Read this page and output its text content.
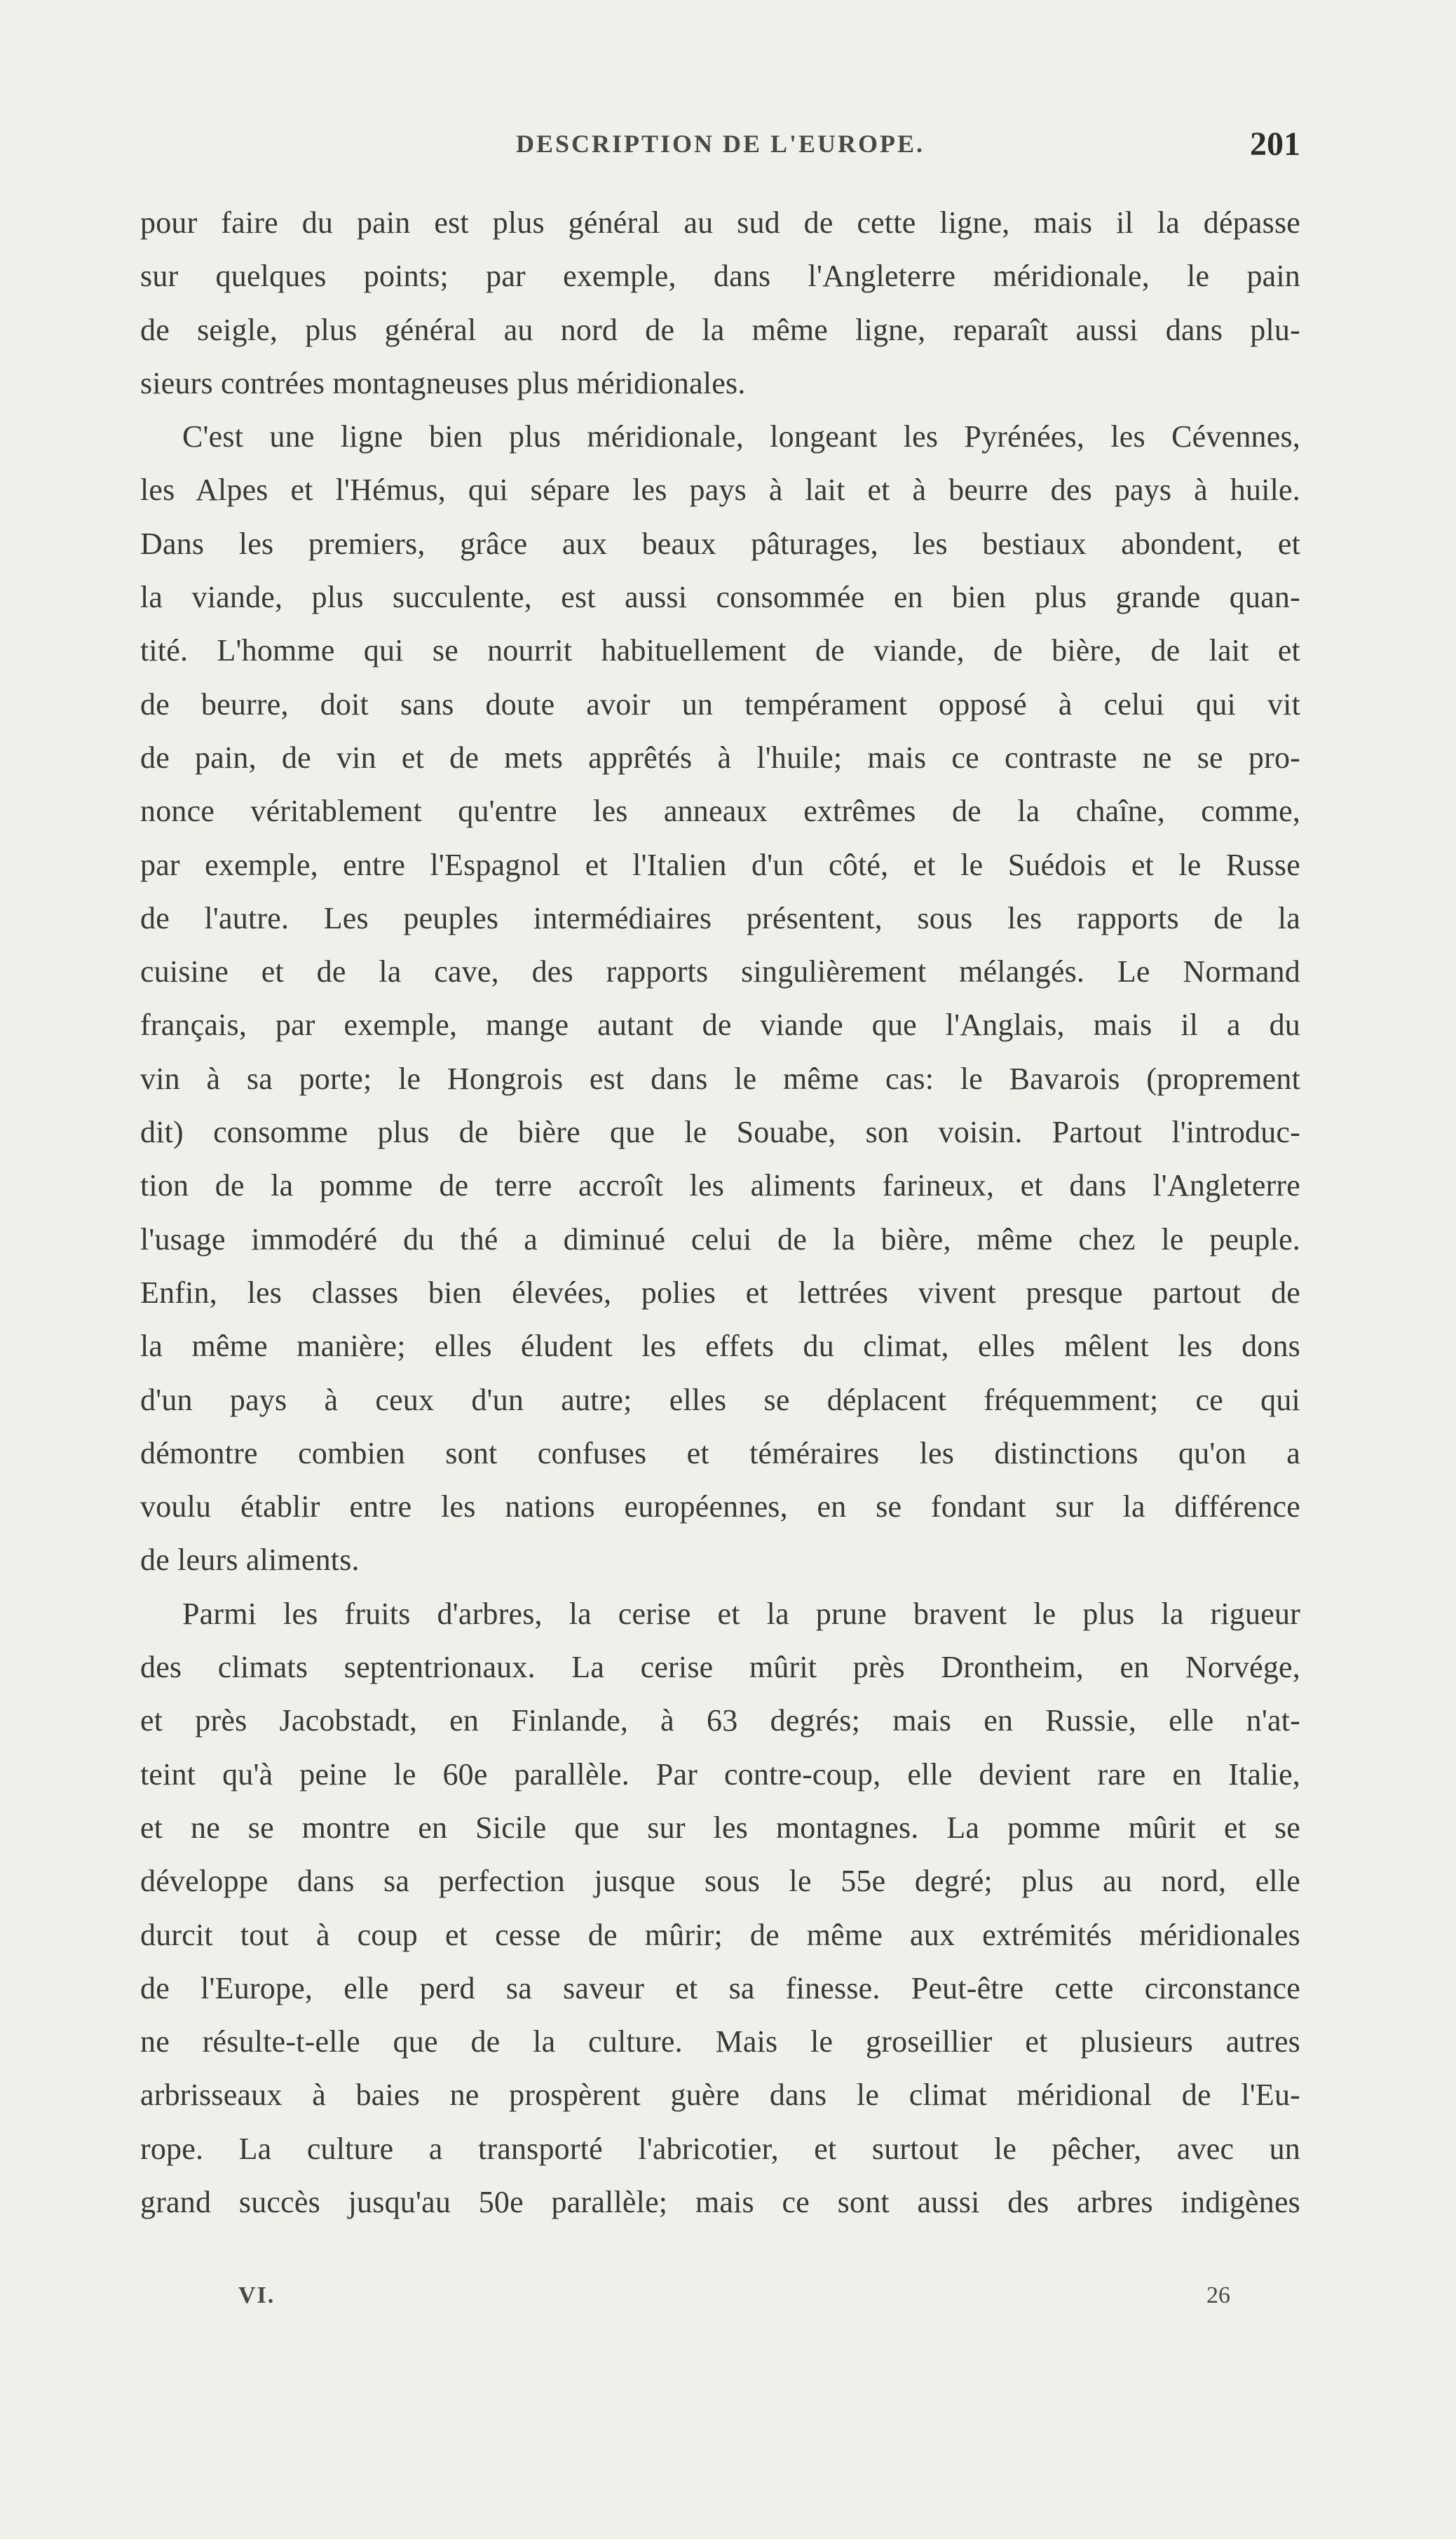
DESCRIPTION DE L'EUROPE.	201

pour faire du pain est plus général au sud de cette ligne, mais il la dépasse

sur quelques points; par exemple, dans l'Angleterre méridionale, le pain

de seigle, plus général au nord de la même ligne, reparaît aussi dans plu-

sieurs contrées montagneuses plus méridionales.

C'est une ligne bien plus méridionale, longeant les Pyrénées, les Cévennes,

les Alpes et l'Hémus, qui sépare les pays à lait et à beurre des pays à huile.

Dans les premiers, grâce aux beaux pâturages, les bestiaux abondent, et

la viande, plus succulente, est aussi consommée en bien plus grande quan-

tité. L'homme qui se nourrit habituellement de viande, de bière, de lait et

de beurre, doit sans doute avoir un tempérament opposé à celui qui vit

de pain, de vin et de mets apprêtés à l'huile; mais ce contraste ne se pro-

nonce véritablement qu'entre les anneaux extrêmes de la chaîne, comme,

par exemple, entre l'Espagnol et l'Italien d'un côté, et le Suédois et le Russe

de l'autre. Les peuples intermédiaires présentent, sous les rapports de la

cuisine et de la cave, des rapports singulièrement mélangés. Le Normand

français, par exemple, mange autant de viande que l'Anglais, mais il a du

vin à sa porte; le Hongrois est dans le même cas: le Bavarois (proprement

dit) consomme plus de bière que le Souabe, son voisin. Partout l'introduc-

tion de la pomme de terre accroît les aliments farineux, et dans l'Angleterre

l'usage immodéré du thé a diminué celui de la bière, même chez le peuple.

Enfin, les classes bien élevées, polies et lettrées vivent presque partout de

la même manière; elles éludent les effets du climat, elles mêlent les dons

d'un pays à ceux d'un autre; elles se déplacent fréquemment; ce qui

démontre combien sont confuses et téméraires les distinctions qu'on a

voulu établir entre les nations européennes, en se fondant sur la différence

de leurs aliments.

Parmi les fruits d'arbres, la cerise et la prune bravent le plus la rigueur

des climats septentrionaux. La cerise mûrit près Drontheim, en Norvége,

et près Jacobstadt, en Finlande, à 63 degrés; mais en Russie, elle n'at-

teint qu'à peine le 60e parallèle. Par contre-coup, elle devient rare en Italie,

et ne se montre en Sicile que sur les montagnes. La pomme mûrit et se

développe dans sa perfection jusque sous le 55e degré; plus au nord, elle

durcit tout à coup et cesse de mûrir; de même aux extrémités méridionales

de l'Europe, elle perd sa saveur et sa finesse. Peut-être cette circonstance

ne résulte-t-elle que de la culture. Mais le groseillier et plusieurs autres

arbrisseaux à baies ne prospèrent guère dans le climat méridional de l'Eu-

rope. La culture a transporté l'abricotier, et surtout le pêcher, avec un

grand succès jusqu'au 50e parallèle; mais ce sont aussi des arbres indigènes

VI.	26
